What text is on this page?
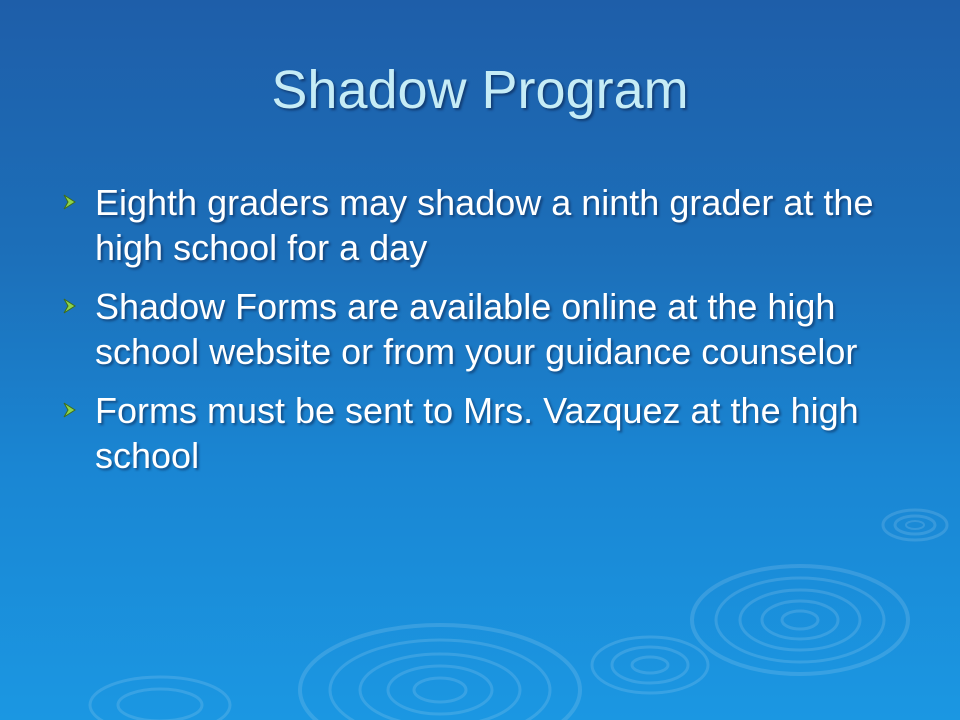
Shadow Program
Eighth graders may shadow a ninth grader at the high school for a day
Shadow Forms are available online at the high school website or from your guidance counselor
Forms must be sent to Mrs. Vazquez at the high school
